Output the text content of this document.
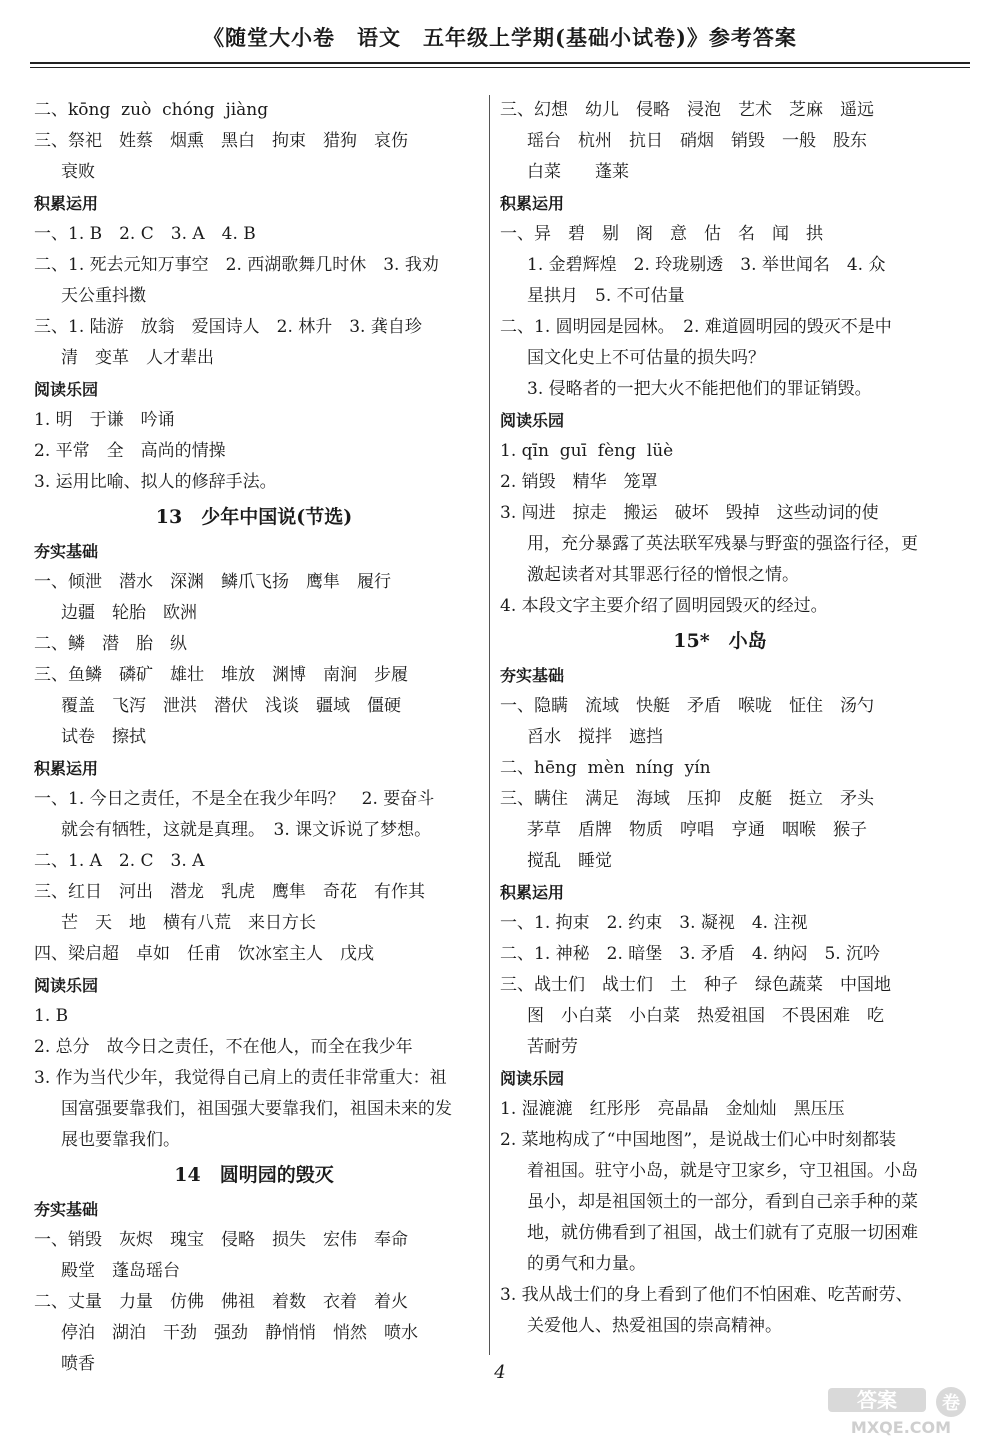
《随堂大小卷　语文　五年级上学期(基础小试卷)》参考答案
二、kōng  zuò  chóng  jiàng
三、祭祀　姓蔡　烟熏　黑白　拘束　猎狗　哀伤
衰败
积累运用
一、1. B　2. C　3. A　4. B
二、1. 死去元知万事空　2. 西湖歌舞几时休　3. 我劝
天公重抖擞
三、1. 陆游　放翁　爱国诗人　2. 林升　3. 龚自珍
清　变革　人才辈出
阅读乐园
1. 明　于谦　吟诵
2. 平常　全　高尚的情操
3. 运用比喻、拟人的修辞手法。
13　少年中国说(节选)
夯实基础
一、倾泄　潜水　深渊　鳞爪飞扬　鹰隼　履行
边疆　轮胎　欧洲
二、鳞　潜　胎　纵
三、鱼鳞　磷矿　雄壮　堆放　渊博　南涧　步履
覆盖　飞泻　泄洪　潜伏　浅谈　疆域　僵硬
试卷　擦拭
积累运用
一、1. 今日之责任，不是全在我少年吗？　2. 要奋斗
就会有牺牲，这就是真理。　3. 课文诉说了梦想。
二、1. A　2. C　3. A
三、红日　河出　潜龙　乳虎　鹰隼　奇花　有作其
芒　天　地　横有八荒　来日方长
四、梁启超　卓如　任甫　饮冰室主人　戊戌
阅读乐园
1. B
2. 总分　故今日之责任，不在他人，而全在我少年
3. 作为当代少年，我觉得自己肩上的责任非常重大：祖
国富强要靠我们，祖国强大要靠我们，祖国未来的发
展也要靠我们。
14　圆明园的毁灭
夯实基础
一、销毁　灰烬　瑰宝　侵略　损失　宏伟　奉命
殿堂　蓬岛瑶台
二、丈量　力量　仿佛　佛祖　着数　衣着　着火
停泊　湖泊　干劲　强劲　静悄悄　悄然　喷水
喷香
三、幻想　幼儿　侵略　浸泡　艺术　芝麻　遥远
瑶台　杭州　抗日　硝烟　销毁　一般　股东
白菜　　蓬莱
积累运用
一、异　碧　剔　阁　意　估　名　闻　拱
1. 金碧辉煌　2. 玲珑剔透　3. 举世闻名　4. 众
星拱月　5. 不可估量
二、1. 圆明园是园林。　2. 难道圆明园的毁灭不是中
国文化史上不可估量的损失吗？
3. 侵略者的一把大火不能把他们的罪证销毁。
阅读乐园
1. qīn  guī  fèng  lüè
2. 销毁　精华　笼罩
3. 闯进　掠走　搬运　破坏　毁掉　这些动词的使
用，充分暴露了英法联军残暴与野蛮的强盗行径，更
激起读者对其罪恶行径的憎恨之情。
4. 本段文字主要介绍了圆明园毁灭的经过。
15*　小岛
夯实基础
一、隐瞒　流域　快艇　矛盾　喉咙　怔住　汤勺
舀水　搅拌　遮挡
二、hēng  mèn  níng  yín
三、瞒住　满足　海域　压抑　皮艇　挺立　矛头
茅草　盾牌　物质　哼唱　亨通　咽喉　猴子
搅乱　睡觉
积累运用
一、1. 拘束　2. 约束　3. 凝视　4. 注视
二、1. 神秘　2. 暗堡　3. 矛盾　4. 纳闷　5. 沉吟
三、战士们　战士们　土　种子　绿色蔬菜　中国地
图　小白菜　小白菜　热爱祖国　不畏困难　吃
苦耐劳
阅读乐园
1. 湿漉漉　红彤彤　亮晶晶　金灿灿　黑压压
2. 菜地构成了“中国地图”，是说战士们心中时刻都装
着祖国。驻守小岛，就是守卫家乡，守卫祖国。小岛
虽小，却是祖国领土的一部分，看到自己亲手种的菜
地，就仿佛看到了祖国，战士们就有了克服一切困难
的勇气和力量。
3. 我从战士们的身上看到了他们不怕困难、吃苦耐劳、
关爱他人、热爱祖国的崇高精神。
4
答案	卷
MXQE.COM
